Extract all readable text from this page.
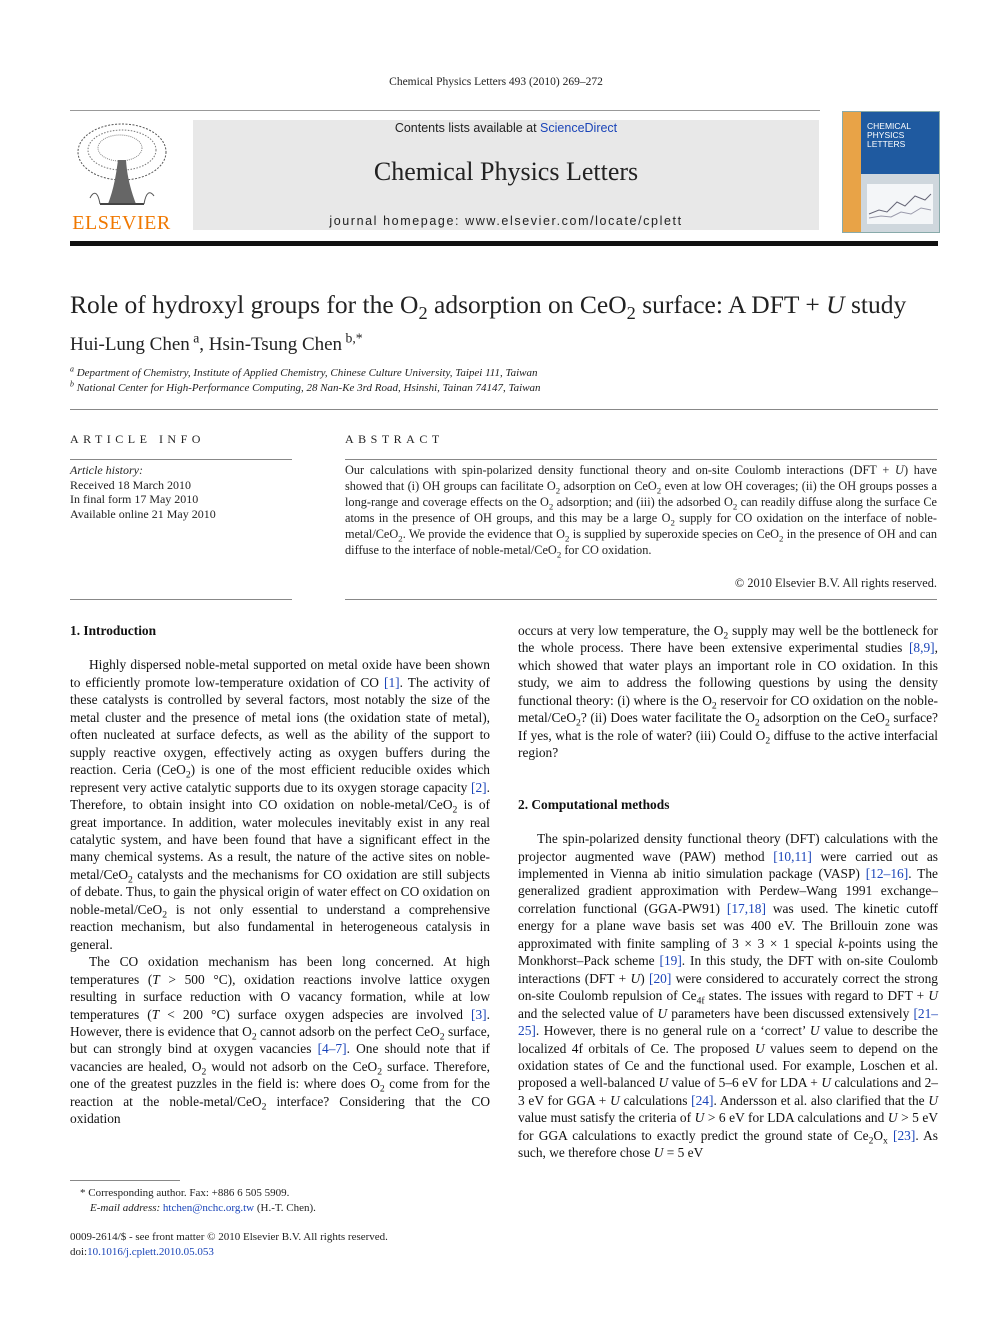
Chemical Physics Letters 493 (2010) 269–272
ELSEVIER
Contents lists available at ScienceDirect
Chemical Physics Letters
journal homepage: www.elsevier.com/locate/cplett
CHEMICAL
PHYSICS
LETTERS
Role of hydroxyl groups for the $O_2$ adsorption on CeO$_2$ surface: A DFT + U study
Hui-Lung Chen $^a$, Hsin-Tsung Chen $^{b,*}$
$^a$ Department of Chemistry, Institute of Applied Chemistry, Chinese Culture University, Taipei 111, Taiwan
$^b$ National Center for High-Performance Computing, 28 Nan-Ke 3rd Road, Hsinshi, Tainan 74147, Taiwan
ARTICLE INFO
Article history:
Received 18 March 2010
In final form 17 May 2010
Available online 21 May 2010
ABSTRACT
Our calculations with spin-polarized density functional theory and on-site Coulomb interactions (DFT + U) have showed that (i) OH groups can facilitate $O_2$ adsorption on CeO$_2$ even at low OH coverages; (ii) the OH groups posses a long-range and coverage effects on the $O_2$ adsorption; and (iii) the adsorbed $O_2$ can readily diffuse along the surface Ce atoms in the presence of OH groups, and this may be a large $O_2$ supply for CO oxidation on the interface of noble-metal/CeO$_2$. We provide the evidence that $O_2$ is supplied by superoxide species on CeO$_2$ in the presence of OH and can diffuse to the interface of noble-metal/CeO$_2$ for CO oxidation.
© 2010 Elsevier B.V. All rights reserved.

1. Introduction

Highly dispersed noble-metal supported on metal oxide have been shown to efficiently promote low-temperature oxidation of CO [1]. The activity of these catalysts is controlled by several factors, most notably the size of the metal cluster and the presence of metal ions (the oxidation state of metal), often nucleated at surface defects, as well as the ability of the support to supply reactive oxygen, effectively acting as oxygen buffers during the reaction. Ceria (CeO$_2$) is one of the most efficient reducible oxides which represent very active catalytic supports due to its oxygen storage capacity [2]. Therefore, to obtain insight into CO oxidation on noble-metal/CeO$_2$ is of great importance. In addition, water molecules inevitably exist in any real catalytic system, and have been found that have a significant effect in the many chemical systems. As a result, the nature of the active sites on noble-metal/CeO$_2$ catalysts and the mechanisms for CO oxidation are still subjects of debate. Thus, to gain the physical origin of water effect on CO oxidation on noble-metal/CeO$_2$ is not only essential to understand a comprehensive reaction mechanism, but also fundamental in heterogeneous catalysis in general.

The CO oxidation mechanism has been long concerned. At high temperatures (T > 500 °C), oxidation reactions involve lattice oxygen resulting in surface reduction with O vacancy formation, while at low temperatures (T < 200 °C) surface oxygen adspecies are involved [3]. However, there is evidence that $O_2$ cannot adsorb on the perfect CeO$_2$ surface, but can strongly bind at oxygen vacancies [4–7]. One should note that if vacancies are healed, $O_2$ would not adsorb on the CeO$_2$ surface. Therefore, one of the greatest puzzles in the field is: where does $O_2$ come from for the reaction at the noble-metal/CeO$_2$ interface? Considering that the CO oxidation

occurs at very low temperature, the $O_2$ supply may well be the bottleneck for the whole process. There have been extensive experimental studies [8,9], which showed that water plays an important role in CO oxidation. In this study, we aim to address the following questions by using the density functional theory: (i) where is the $O_2$ reservoir for CO oxidation on the noble-metal/CeO$_2$? (ii) Does water facilitate the $O_2$ adsorption on the CeO$_2$ surface? If yes, what is the role of water? (iii) Could $O_2$ diffuse to the active interfacial region?

2. Computational methods

The spin-polarized density functional theory (DFT) calculations with the projector augmented wave (PAW) method [10,11] were carried out as implemented in Vienna ab initio simulation package (VASP) [12–16]. The generalized gradient approximation with Perdew–Wang 1991 exchange–correlation functional (GGA-PW91) [17,18] was used. The kinetic cutoff energy for a plane wave basis set was 400 eV. The Brillouin zone was approximated with finite sampling of 3 × 3 × 1 special k-points using the Monkhorst–Pack scheme [19]. In this study, the DFT with on-site Coulomb interactions (DFT + U) [20] were considered to accurately correct the strong on-site Coulomb repulsion of $Ce_{4f}$ states. The issues with regard to DFT + U and the selected value of U parameters have been discussed extensively [21–25]. However, there is no general rule on a ‘correct’ U value to describe the localized 4f orbitals of Ce. The proposed U values seem to depend on the oxidation states of Ce and the functional used. For example, Loschen et al. proposed a well-balanced U value of 5–6 eV for LDA + U calculations and 2–3 eV for GGA + U calculations [24]. Andersson et al. also clarified that the U value must satisfy the criteria of U > 6 eV for LDA calculations and U > 5 eV for GGA calculations to exactly predict the ground state of $Ce_2O_x$ [23]. As such, we therefore chose U = 5 eV

* Corresponding author. Fax: +886 6 505 5909.
E-mail address: htchen@nchc.org.tw (H.-T. Chen).
0009-2614/$ - see front matter © 2010 Elsevier B.V. All rights reserved.
doi:10.1016/j.cplett.2010.05.053
